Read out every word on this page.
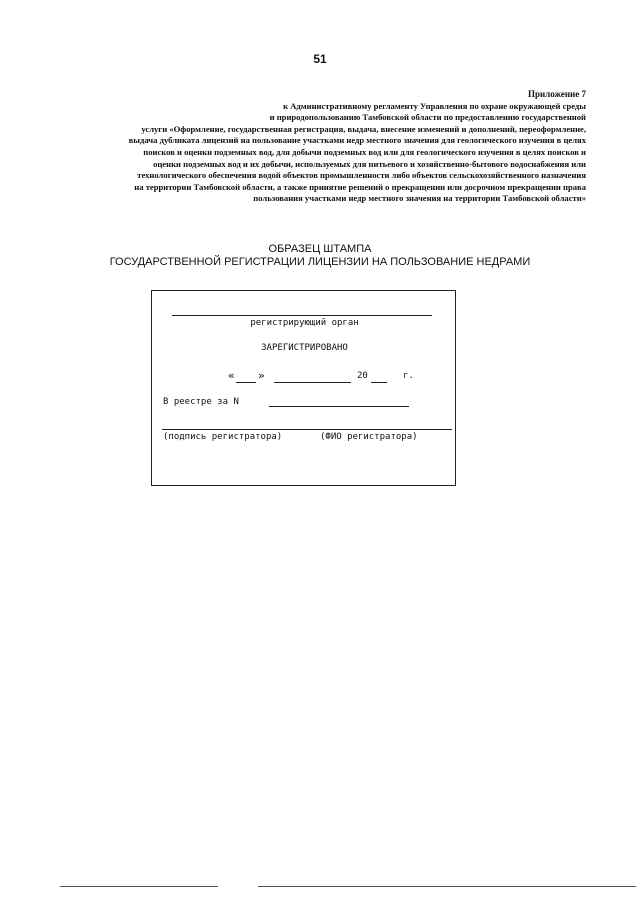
51
Приложение 7
к Административному регламенту Управления по охране окружающей среды
и природопользованию Тамбовской области по предоставлению государственной
услуги «Оформление, государственная регистрация, выдача, внесение изменений и дополнений, переоформление,
выдача дубликата лицензий на пользование участками недр местного значения для геологического изучения в целях
поисков и оценки подземных вод, для добычи подземных вод или для геологического изучения в целях поисков и
оценки подземных вод и их добычи, используемых для питьевого и хозяйственно-бытового водоснабжения или
технологического обеспечения водой объектов промышленности либо объектов сельскохозяйственного назначения
на территории Тамбовской области, а также принятие решений о прекращении или досрочном прекращении права
пользования участками недр местного значения на территории Тамбовской области»
ОБРАЗЕЦ ШТАМПА
ГОСУДАРСТВЕННОЙ РЕГИСТРАЦИИ ЛИЦЕНЗИИ НА ПОЛЬЗОВАНИЕ НЕДРАМИ
регистрирующий орган
ЗАРЕГИСТРИРОВАНО
« »	20	г.
В реестре за N
(подпись регистратора)	(ФИО регистратора)
